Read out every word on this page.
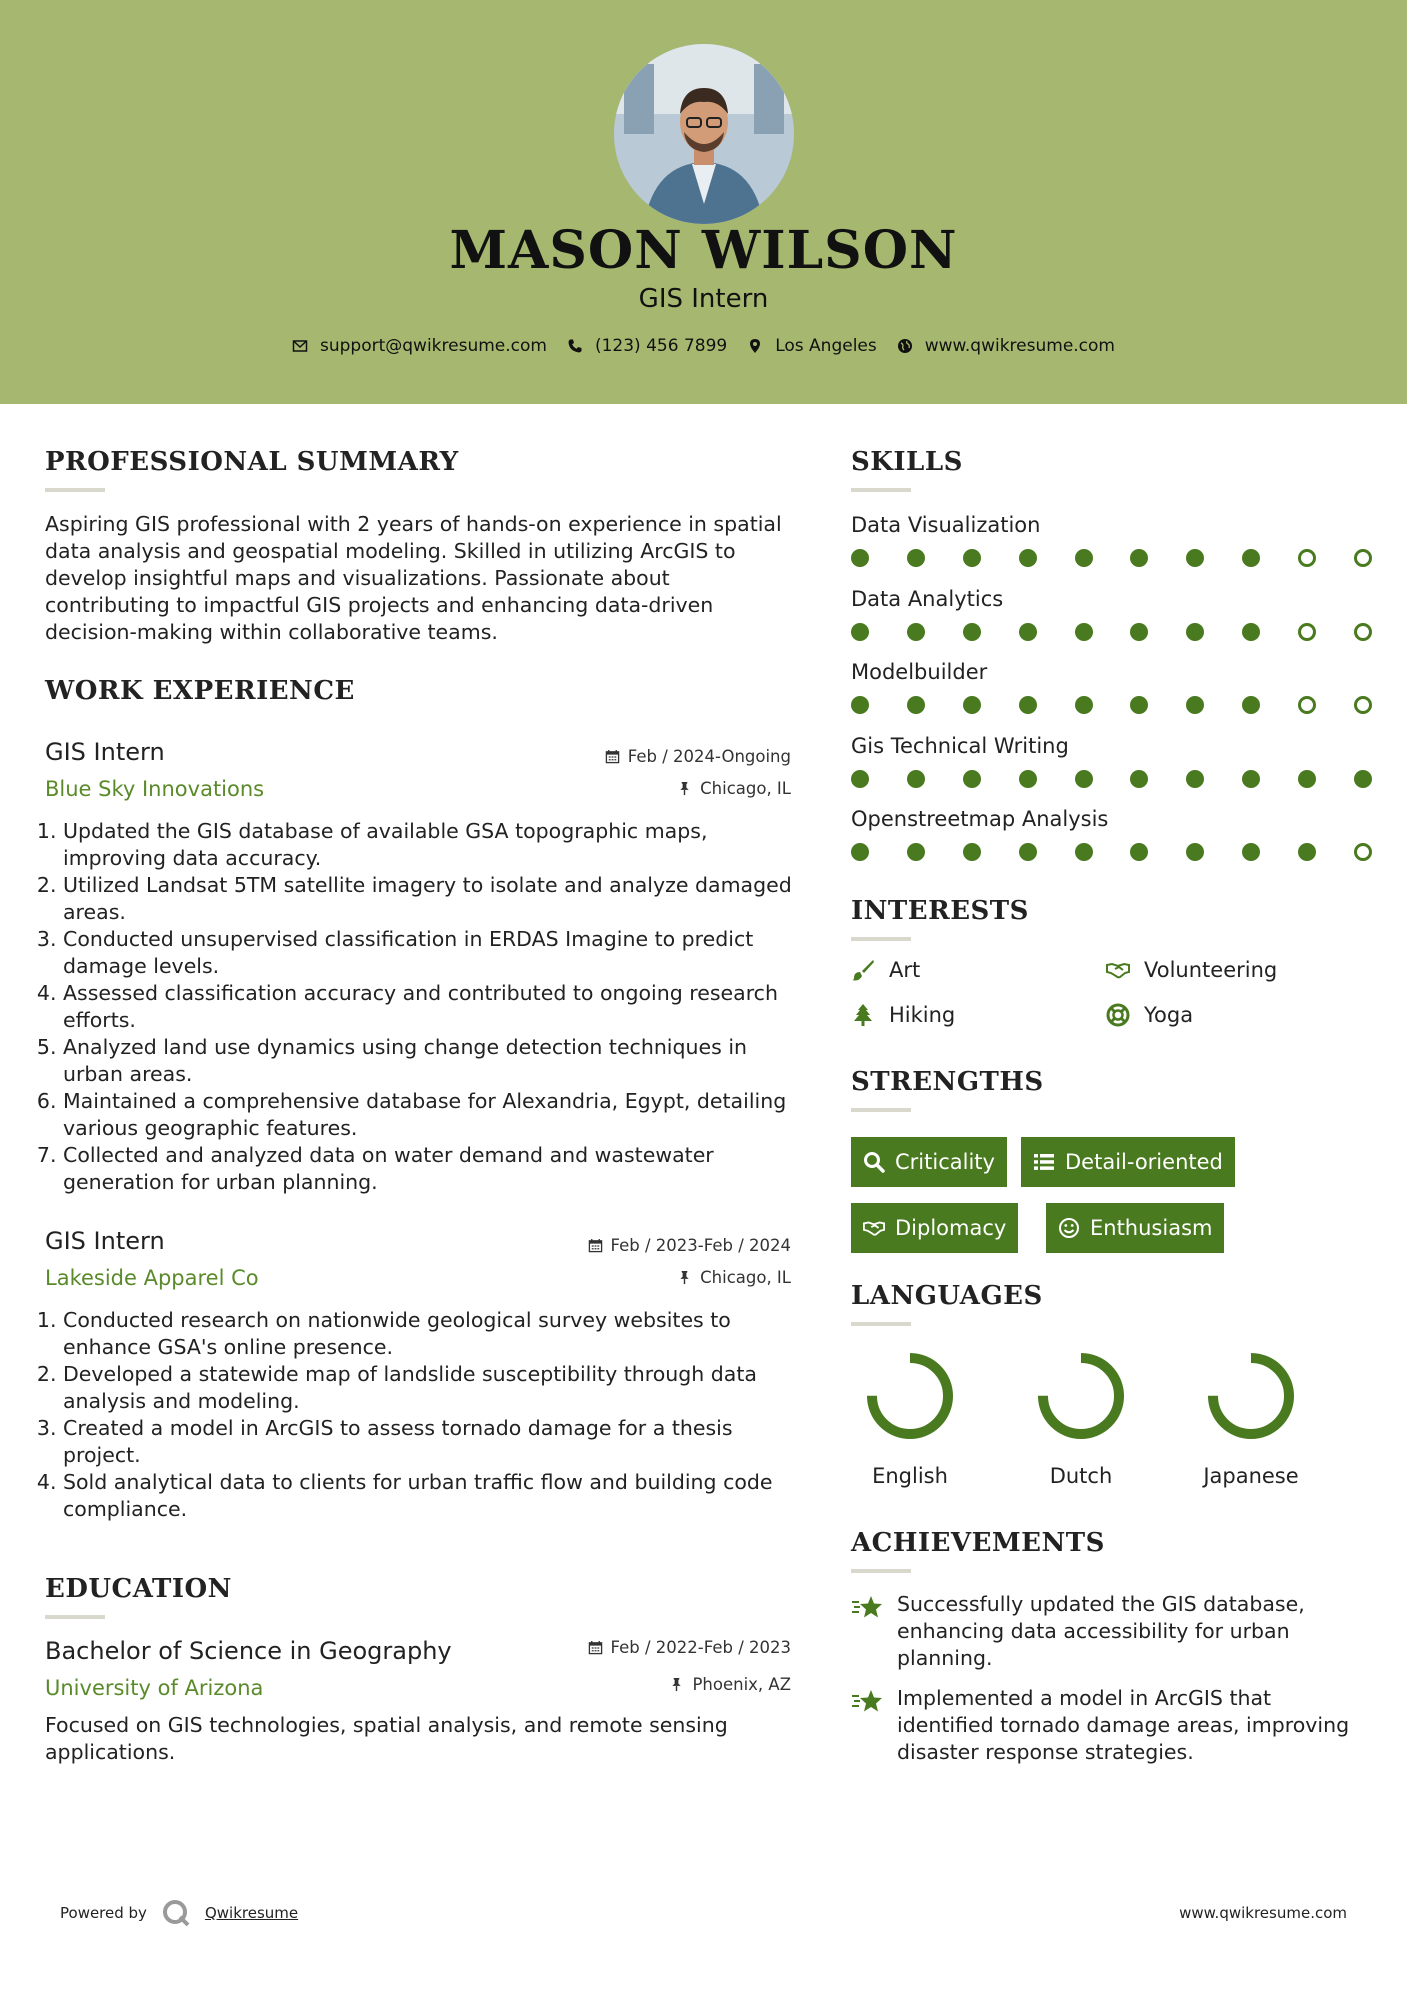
MASON WILSON
GIS Intern
support@qwikresume.com	(123) 456 7899	Los Angeles	www.qwikresume.com
PROFESSIONAL SUMMARY
Aspiring GIS professional with 2 years of hands-on experience in spatial data analysis and geospatial modeling. Skilled in utilizing ArcGIS to develop insightful maps and visualizations. Passionate about contributing to impactful GIS projects and enhancing data-driven decision-making within collaborative teams.
WORK EXPERIENCE
GIS Intern	Feb / 2024-Ongoing
Blue Sky Innovations	Chicago, IL
1. Updated the GIS database of available GSA topographic maps, improving data accuracy.
2. Utilized Landsat 5TM satellite imagery to isolate and analyze damaged areas.
3. Conducted unsupervised classification in ERDAS Imagine to predict damage levels.
4. Assessed classification accuracy and contributed to ongoing research efforts.
5. Analyzed land use dynamics using change detection techniques in urban areas.
6. Maintained a comprehensive database for Alexandria, Egypt, detailing various geographic features.
7. Collected and analyzed data on water demand and wastewater generation for urban planning.
GIS Intern	Feb / 2023-Feb / 2024
Lakeside Apparel Co	Chicago, IL
1. Conducted research on nationwide geological survey websites to enhance GSA's online presence.
2. Developed a statewide map of landslide susceptibility through data analysis and modeling.
3. Created a model in ArcGIS to assess tornado damage for a thesis project.
4. Sold analytical data to clients for urban traffic flow and building code compliance.
EDUCATION
Bachelor of Science in Geography	Feb / 2022-Feb / 2023
University of Arizona	Phoenix, AZ
Focused on GIS technologies, spatial analysis, and remote sensing applications.
SKILLS
Data Visualization
Data Analytics
Modelbuilder
Gis Technical Writing
Openstreetmap Analysis
INTERESTS
Art	Volunteering
Hiking	Yoga
STRENGTHS
Criticality	Detail-oriented
Diplomacy	Enthusiasm
LANGUAGES
English	Dutch	Japanese
ACHIEVEMENTS
Successfully updated the GIS database, enhancing data accessibility for urban planning.
Implemented a model in ArcGIS that identified tornado damage areas, improving disaster response strategies.
Powered by	Qwikresume	www.qwikresume.com
